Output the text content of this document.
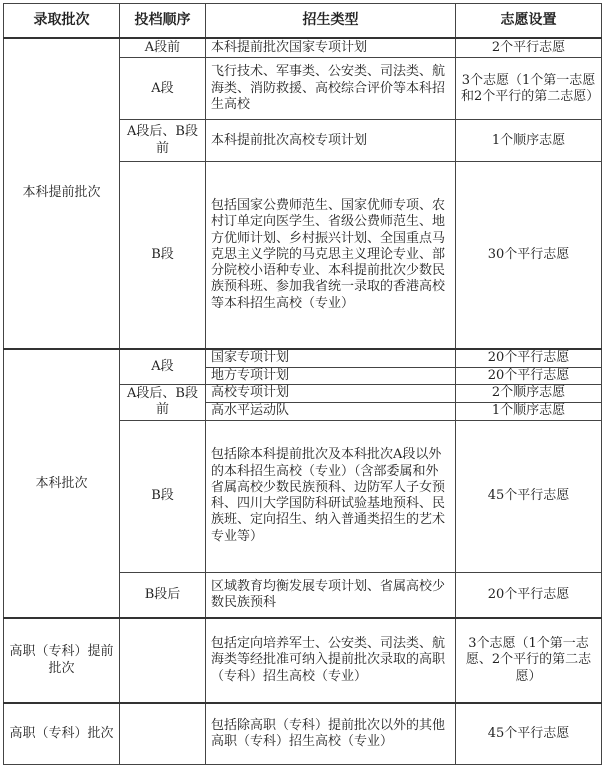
录取批次	投档顺序	招生类型	志愿设置
本科提前批次	A段前	本科提前批次国家专项计划	2个平行志愿
	A段	飞行技术、军事类、公安类、司法类、航海类、消防救援、高校综合评价等本科招生高校	3个志愿（1个第一志愿和2个平行的第二志愿）
	A段后、B段前	本科提前批次高校专项计划	1个顺序志愿
	B段	包括国家公费师范生、国家优师专项、农村订单定向医学生、省级公费师范生、地方优师计划、乡村振兴计划、全国重点马克思主义学院的马克思主义理论专业、部分院校小语种专业、本科提前批次少数民族预科班、参加我省统一录取的香港高校等本科招生高校（专业）	30个平行志愿
本科批次	A段	国家专项计划	20个平行志愿
		地方专项计划	20个平行志愿
	A段后、B段前	高校专项计划	2个顺序志愿
		高水平运动队	1个顺序志愿
	B段	包括除本科提前批次及本科批次A段以外的本科招生高校（专业）（含部委属和外省属高校少数民族预科、边防军人子女预科、四川大学国防科研试验基地预科、民族班、定向招生、纳入普通类招生的艺术专业等）	45个平行志愿
	B段后	区域教育均衡发展专项计划、省属高校少数民族预科	20个平行志愿
高职（专科）提前批次		包括定向培养军士、公安类、司法类、航海类等经批准可纳入提前批次录取的高职（专科）招生高校（专业）	3个志愿（1个第一志愿、2个平行的第二志愿）
高职（专科）批次		包括除高职（专科）提前批次以外的其他高职（专科）招生高校（专业）	45个平行志愿
